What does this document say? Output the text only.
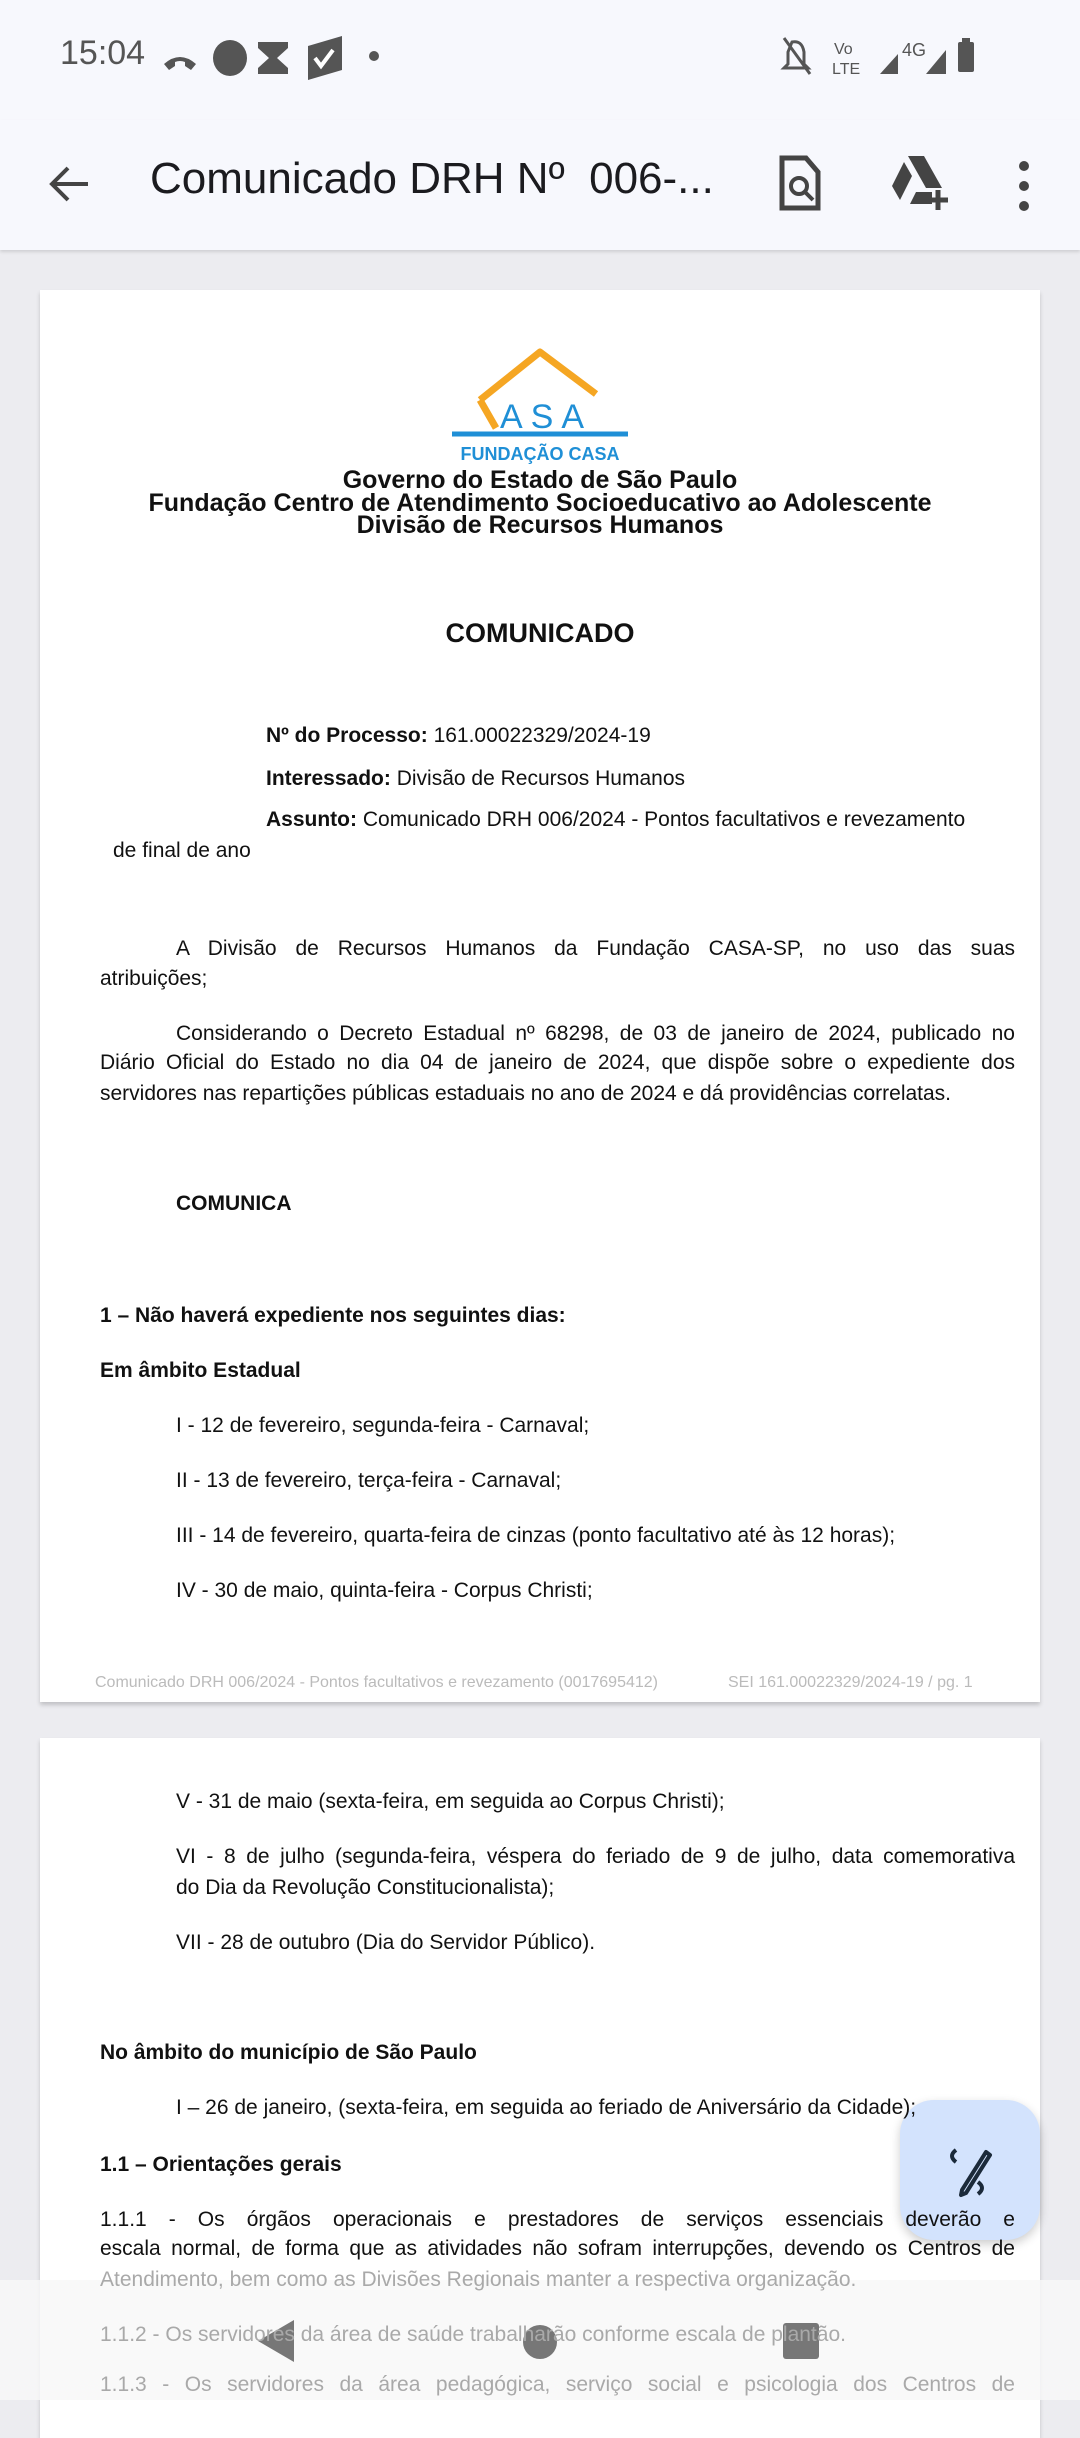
15:04	Vo
LTE
4G
Comunicado DRH Nº  006-...
ASA
FUNDAÇÃO CASA
Governo do Estado de São Paulo
Fundação Centro de Atendimento Socioeducativo ao Adolescente
Divisão de Recursos Humanos
COMUNICADO
Nº do Processo: 161.00022329/2024-19
Interessado: Divisão de Recursos Humanos
Assunto: Comunicado DRH 006/2024 - Pontos facultativos e revezamento
de final de ano
A Divisão de Recursos Humanos da Fundação CASA-SP, no uso das suas
atribuições;
Considerando o Decreto Estadual nº 68298, de 03 de janeiro de 2024, publicado no
Diário Oficial do Estado no dia 04 de janeiro de 2024, que dispõe sobre o expediente dos
servidores nas repartições públicas estaduais no ano de 2024 e dá providências correlatas.
COMUNICA
1 – Não haverá expediente nos seguintes dias:
Em âmbito Estadual
I - 12 de fevereiro, segunda-feira - Carnaval;
II - 13 de fevereiro, terça-feira - Carnaval;
III - 14 de fevereiro, quarta-feira de cinzas (ponto facultativo até às 12 horas);
IV - 30 de maio, quinta-feira - Corpus Christi;
Comunicado DRH 006/2024 - Pontos facultativos e revezamento (0017695412)	SEI 161.00022329/2024-19 / pg. 1
V - 31 de maio (sexta-feira, em seguida ao Corpus Christi);
VI - 8 de julho (segunda-feira, véspera do feriado de 9 de julho, data comemorativa
do Dia da Revolução Constitucionalista);
VII - 28 de outubro (Dia do Servidor Público).
No âmbito do município de São Paulo
I – 26 de janeiro, (sexta-feira, em seguida ao feriado de Aniversário da Cidade);
1.1 – Orientações gerais
1.1.1 - Os órgãos operacionais e prestadores de serviços essenciais deverão e
escala normal, de forma que as atividades não sofram interrupções, devendo os Centros de
Atendimento, bem como as Divisões Regionais manter a respectiva organização.
1.1.2 - Os servidores da área de saúde trabalharão conforme escala de plantão.
1.1.3 - Os servidores da área pedagógica, serviço social e psicologia dos Centros de
